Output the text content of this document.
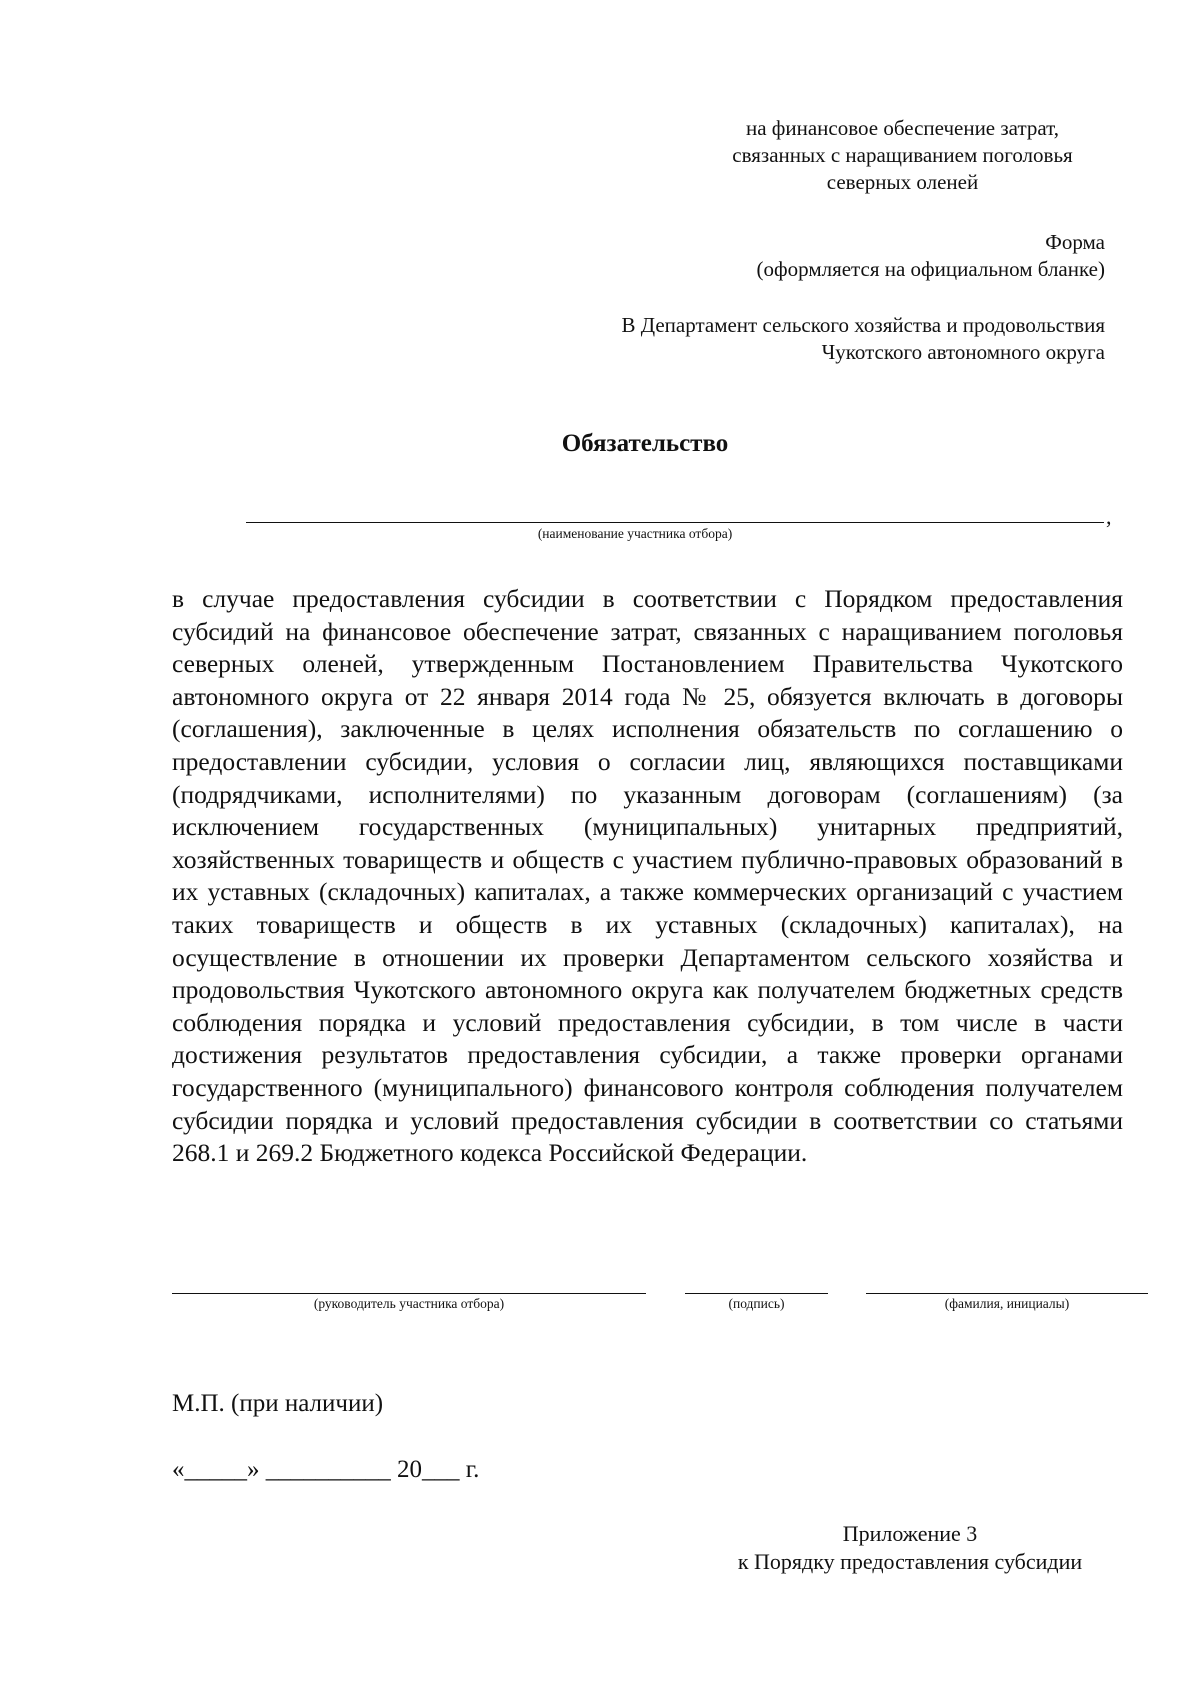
на финансовое обеспечение затрат,
связанных с наращиванием поголовья
северных оленей
Форма
(оформляется на официальном бланке)
В Департамент сельского хозяйства и продовольствия
Чукотского автономного округа
Обязательство
,
(наименование участника отбора)
в случае предоставления субсидии в соответствии с Порядком предоставления субсидий на финансовое обеспечение затрат, связанных с наращиванием поголовья северных оленей, утвержденным Постановлением Правительства Чукотского автономного округа от 22 января 2014 года № 25, обязуется включать в договоры (соглашения), заключенные в целях исполнения обязательств по соглашению о предоставлении субсидии, условия о согласии лиц, являющихся поставщиками (подрядчиками, исполнителями) по указанным договорам (соглашениям) (за исключением государственных (муниципальных) унитарных предприятий, хозяйственных товариществ и обществ с участием публично-правовых образований в их уставных (складочных) капиталах, а также коммерческих организаций с участием таких товариществ и обществ в их уставных (складочных) капиталах), на осуществление в отношении их проверки Департаментом сельского хозяйства и продовольствия Чукотского автономного округа как получателем бюджетных средств соблюдения порядка и условий предоставления субсидии, в том числе в части достижения результатов предоставления субсидии, а также проверки органами государственного (муниципального) финансового контроля соблюдения получателем субсидии порядка и условий предоставления субсидии в соответствии со статьями 268.1 и 269.2 Бюджетного кодекса Российской Федерации.
(руководитель участника отбора)	(подпись)	(фамилия, инициалы)
М.П. (при наличии)
«_____» __________ 20___ г.
Приложение 3
к Порядку предоставления субсидии
